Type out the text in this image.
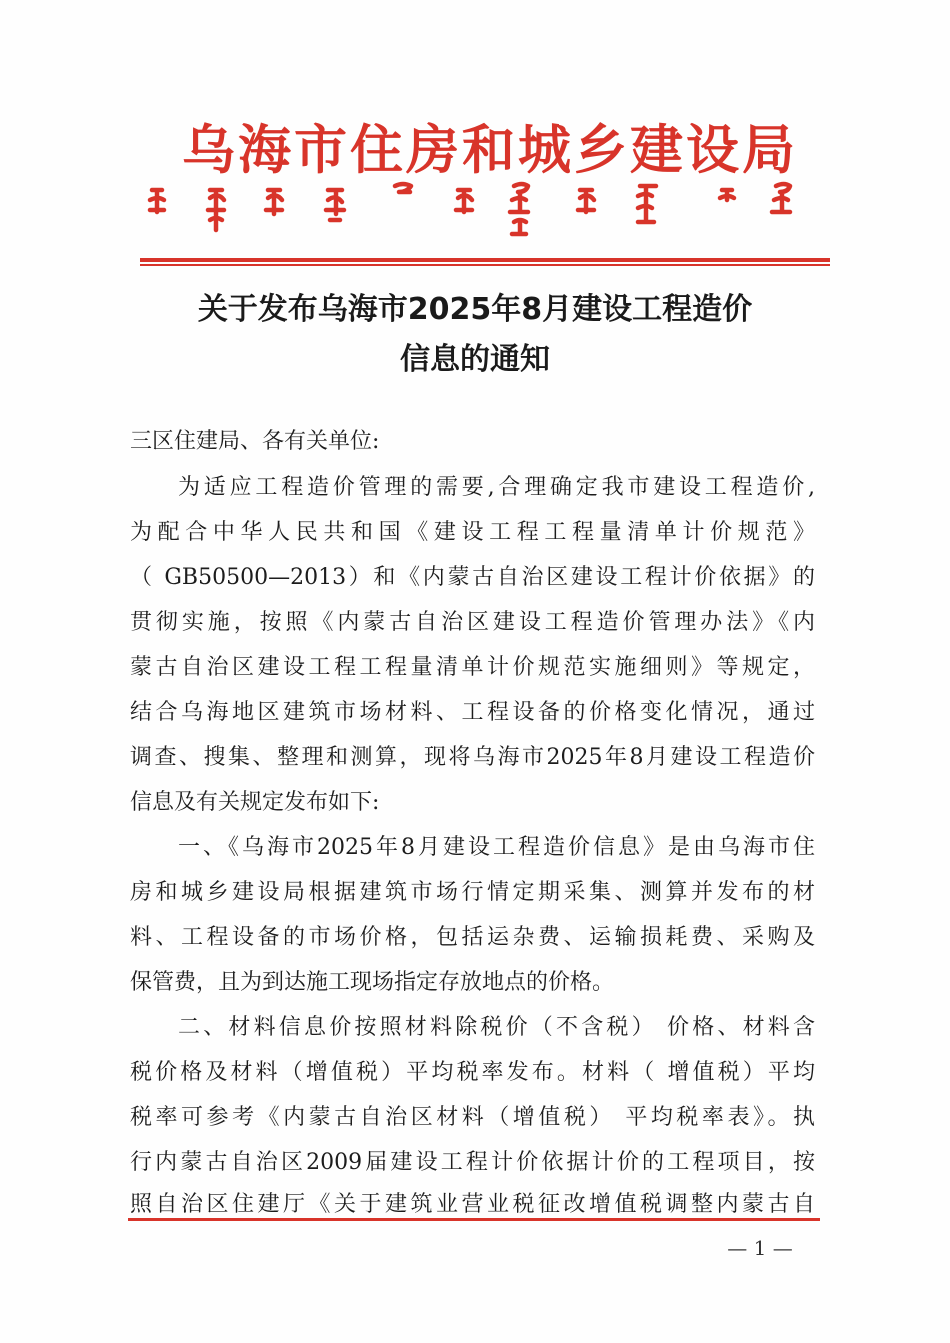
乌海市住房和城乡建设局
关于发布乌海市2025年8月建设工程造价
信息的通知
三区住建局、各有关单位:
为适应工程造价管理的需要,合理确定我市建设工程造价,
为配合中华人民共和国《建设工程工程量清单计价规范》
（ GB50500—2013）和《内蒙古自治区建设工程计价依据》的
贯彻实施，按照《内蒙古自治区建设工程造价管理办法》《内
蒙古自治区建设工程工程量清单计价规范实施细则》等规定，
结合乌海地区建筑市场材料、工程设备的价格变化情况，通过
调查、搜集、整理和测算，现将乌海市2025年8月建设工程造价
信息及有关规定发布如下:
一、《乌海市2025年8月建设工程造价信息》是由乌海市住
房和城乡建设局根据建筑市场行情定期采集、测算并发布的材
料、工程设备的市场价格，包括运杂费、运输损耗费、采购及
保管费，且为到达施工现场指定存放地点的价格。
二、材料信息价按照材料除税价（不含税） 价格、材料含
税价格及材料（增值税）平均税率发布。材料（ 增值税）平均
税率可参考《内蒙古自治区材料（增值税） 平均税率表》。执
行内蒙古自治区2009届建设工程计价依据计价的工程项目，按
照自治区住建厅《关于建筑业营业税征改增值税调整内蒙古自
— 1 —
